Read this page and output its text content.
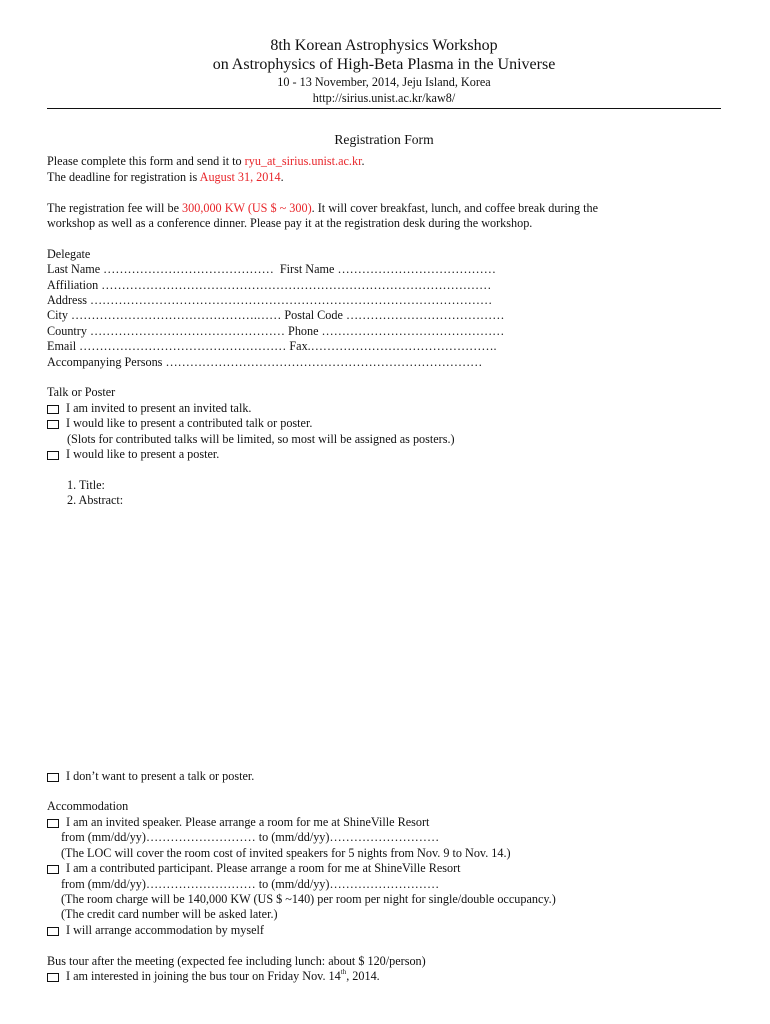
8th Korean Astrophysics Workshop
on Astrophysics of High-Beta Plasma in the Universe
10 - 13 November, 2014, Jeju Island, Korea
http://sirius.unist.ac.kr/kaw8/
Registration Form
Please complete this form and send it to ryu_at_sirius.unist.ac.kr.
The deadline for registration is August 31, 2014.
The registration fee will be 300,000 KW (US $ ~ 300). It will cover breakfast, lunch, and coffee break during the
workshop as well as a conference dinner. Please pay it at the registration desk during the workshop.
Delegate
Last Name ……………………………………  First Name …………………………………
Affiliation ……………………………………………………………………………………
Address ………………………………………………………………………………………
City ……………………………………….…… Postal Code …………………………………
Country ………………………………………… Phone ………………………………………
Email …………………………………………… Fax.……………………………………….
Accompanying Persons ……………………………………………………………………
Talk or Poster
I am invited to present an invited talk.
I would like to present a contributed talk or poster.
(Slots for contributed talks will be limited, so most will be assigned as posters.)
I would like to present a poster.
1. Title:
2. Abstract:
I don’t want to present a talk or poster.
Accommodation
I am an invited speaker. Please arrange a room for me at ShineVille Resort
from (mm/dd/yy)……………………… to (mm/dd/yy)………………………
(The LOC will cover the room cost of invited speakers for 5 nights from Nov. 9 to Nov. 14.)
I am a contributed participant. Please arrange a room for me at ShineVille Resort
from (mm/dd/yy)……………………… to (mm/dd/yy)………………………
(The room charge will be 140,000 KW (US $ ~140) per room per night for single/double occupancy.)
(The credit card number will be asked later.)
I will arrange accommodation by myself
Bus tour after the meeting (expected fee including lunch: about $ 120/person)
I am interested in joining the bus tour on Friday Nov. 14th, 2014.
